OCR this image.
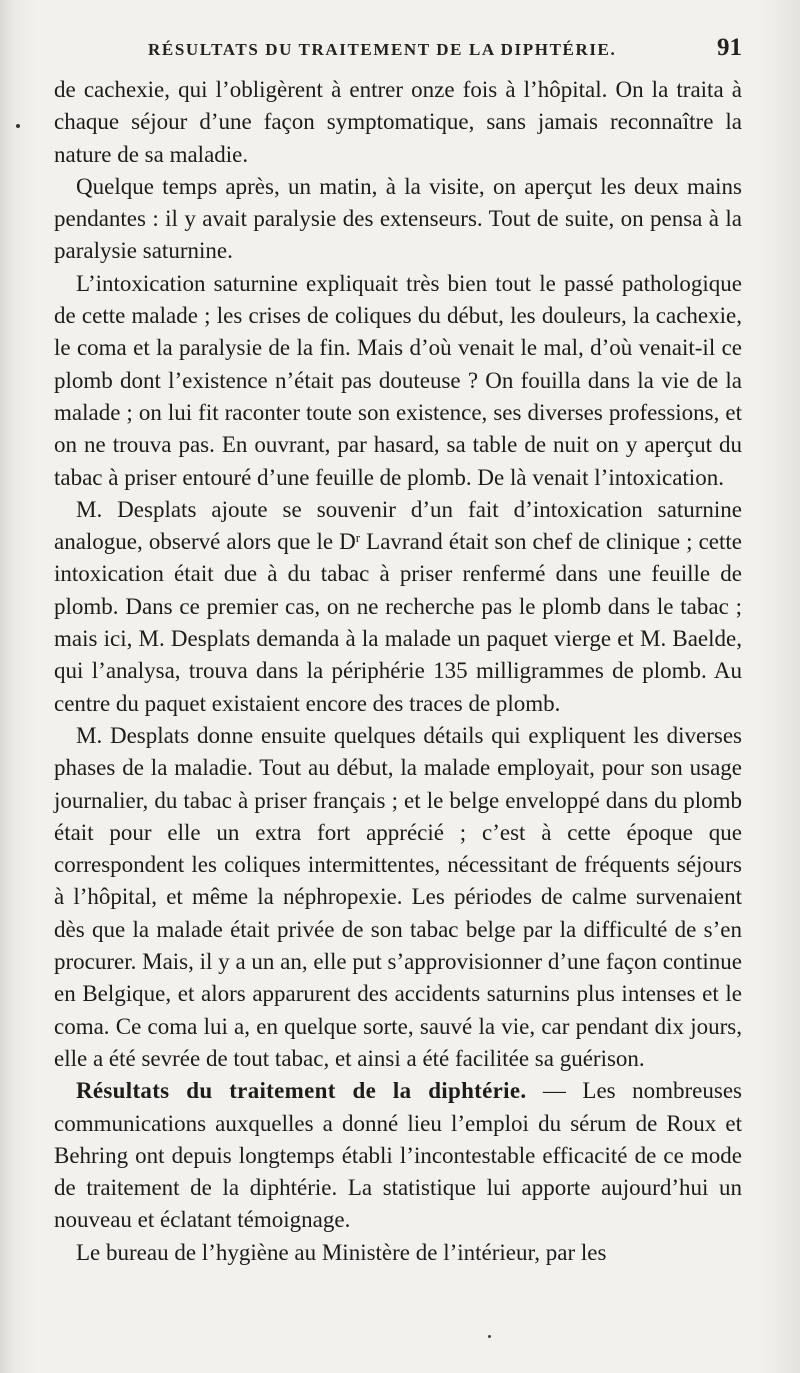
RÉSULTATS DU TRAITEMENT DE LA DIPHTÉRIE.	91

de cachexie, qui l’obligèrent à entrer onze fois à l’hôpital. On la traita à chaque séjour d’une façon symptomatique, sans jamais reconnaître la nature de sa maladie.

Quelque temps après, un matin, à la visite, on aperçut les deux mains pendantes : il y avait paralysie des extenseurs. Tout de suite, on pensa à la paralysie saturnine.

L’intoxication saturnine expliquait très bien tout le passé pathologique de cette malade ; les crises de coliques du début, les douleurs, la cachexie, le coma et la paralysie de la fin. Mais d’où venait le mal, d’où venait-il ce plomb dont l’existence n’était pas douteuse ? On fouilla dans la vie de la malade ; on lui fit raconter toute son existence, ses diverses professions, et on ne trouva pas. En ouvrant, par hasard, sa table de nuit on y aperçut du tabac à priser entouré d’une feuille de plomb. De là venait l’intoxication.

M. Desplats ajoute se souvenir d’un fait d’intoxication saturnine analogue, observé alors que le $D^r$ Lavrand était son chef de clinique ; cette intoxication était due à du tabac à priser renfermé dans une feuille de plomb. Dans ce premier cas, on ne recherche pas le plomb dans le tabac ; mais ici, M. Desplats demanda à la malade un paquet vierge et M. Baelde, qui l’analysa, trouva dans la périphérie 135 milligrammes de plomb. Au centre du paquet existaient encore des traces de plomb.

M. Desplats donne ensuite quelques détails qui expliquent les diverses phases de la maladie. Tout au début, la malade employait, pour son usage journalier, du tabac à priser français ; et le belge enveloppé dans du plomb était pour elle un extra fort apprécié ; c’est à cette époque que correspondent les coliques intermittentes, nécessitant de fréquents séjours à l’hôpital, et même la néphropexie. Les périodes de calme survenaient dès que la malade était privée de son tabac belge par la difficulté de s’en procurer. Mais, il y a un an, elle put s’approvisionner d’une façon continue en Belgique, et alors apparurent des accidents saturnins plus intenses et le coma. Ce coma lui a, en quelque sorte, sauvé la vie, car pendant dix jours, elle a été sevrée de tout tabac, et ainsi a été facilitée sa guérison.

Résultats du traitement de la diphtérie. — Les nombreuses communications auxquelles a donné lieu l’emploi du sérum de Roux et Behring ont depuis longtemps établi l’incontestable efficacité de ce mode de traitement de la diphtérie. La statistique lui apporte aujourd’hui un nouveau et éclatant témoignage.

Le bureau de l’hygiène au Ministère de l’intérieur, par les
